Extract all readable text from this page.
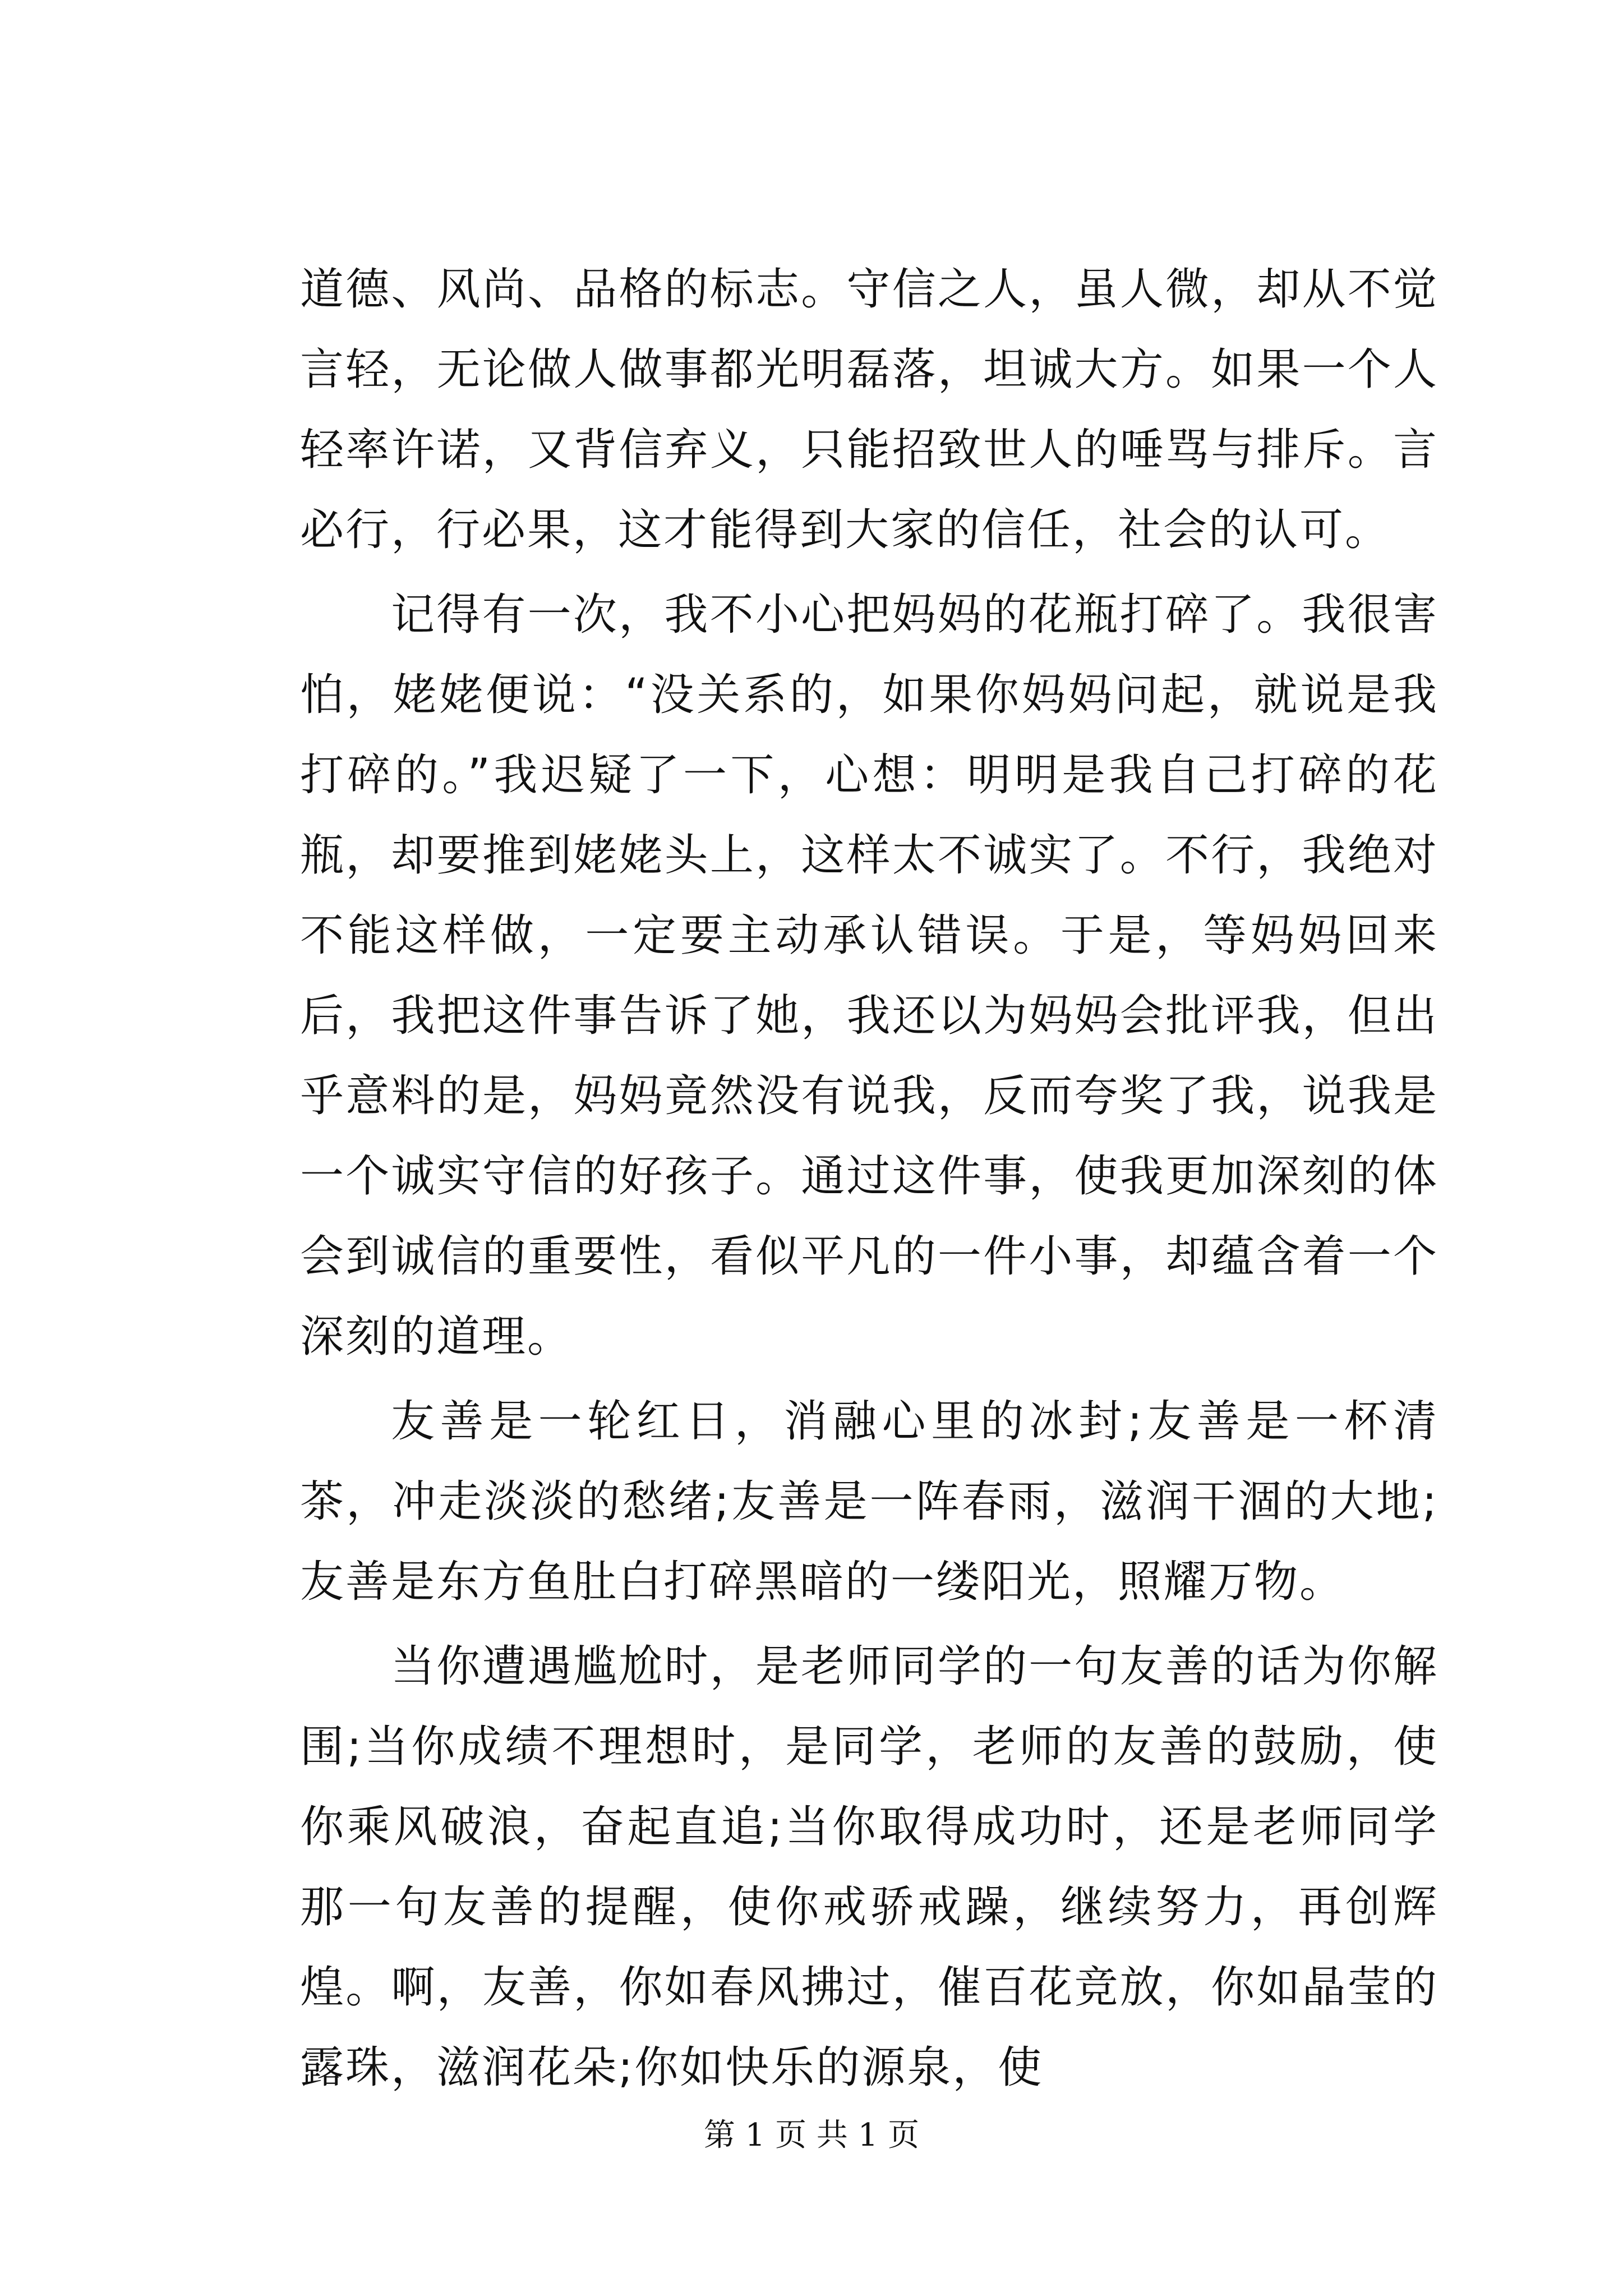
道德、风尚、品格的标志。守信之人，虽人微，却从不觉言轻，无论做人做事都光明磊落，坦诚大方。如果一个人轻率许诺，又背信弃义，只能招致世人的唾骂与排斥。言必行，行必果，这才能得到大家的信任，社会的认可。

记得有一次，我不小心把妈妈的花瓶打碎了。我很害怕，姥姥便说：“没关系的，如果你妈妈问起，就说是我打碎的。”我迟疑了一下，心想：明明是我自己打碎的花瓶，却要推到姥姥头上，这样太不诚实了。不行，我绝对不能这样做，一定要主动承认错误。于是，等妈妈回来后，我把这件事告诉了她，我还以为妈妈会批评我，但出乎意料的是，妈妈竟然没有说我，反而夸奖了我，说我是一个诚实守信的好孩子。通过这件事，使我更加深刻的体会到诚信的重要性，看似平凡的一件小事，却蕴含着一个深刻的道理。

友善是一轮红日，消融心里的冰封;友善是一杯清茶，冲走淡淡的愁绪;友善是一阵春雨，滋润干涸的大地;友善是东方鱼肚白打碎黑暗的一缕阳光，照耀万物。

当你遭遇尴尬时，是老师同学的一句友善的话为你解围;当你成绩不理想时，是同学，老师的友善的鼓励，使你乘风破浪，奋起直追;当你取得成功时，还是老师同学那一句友善的提醒，使你戒骄戒躁，继续努力，再创辉煌。啊，友善，你如春风拂过，催百花竞放，你如晶莹的露珠，滋润花朵;你如快乐的源泉，使

第 1 页 共 1 页
